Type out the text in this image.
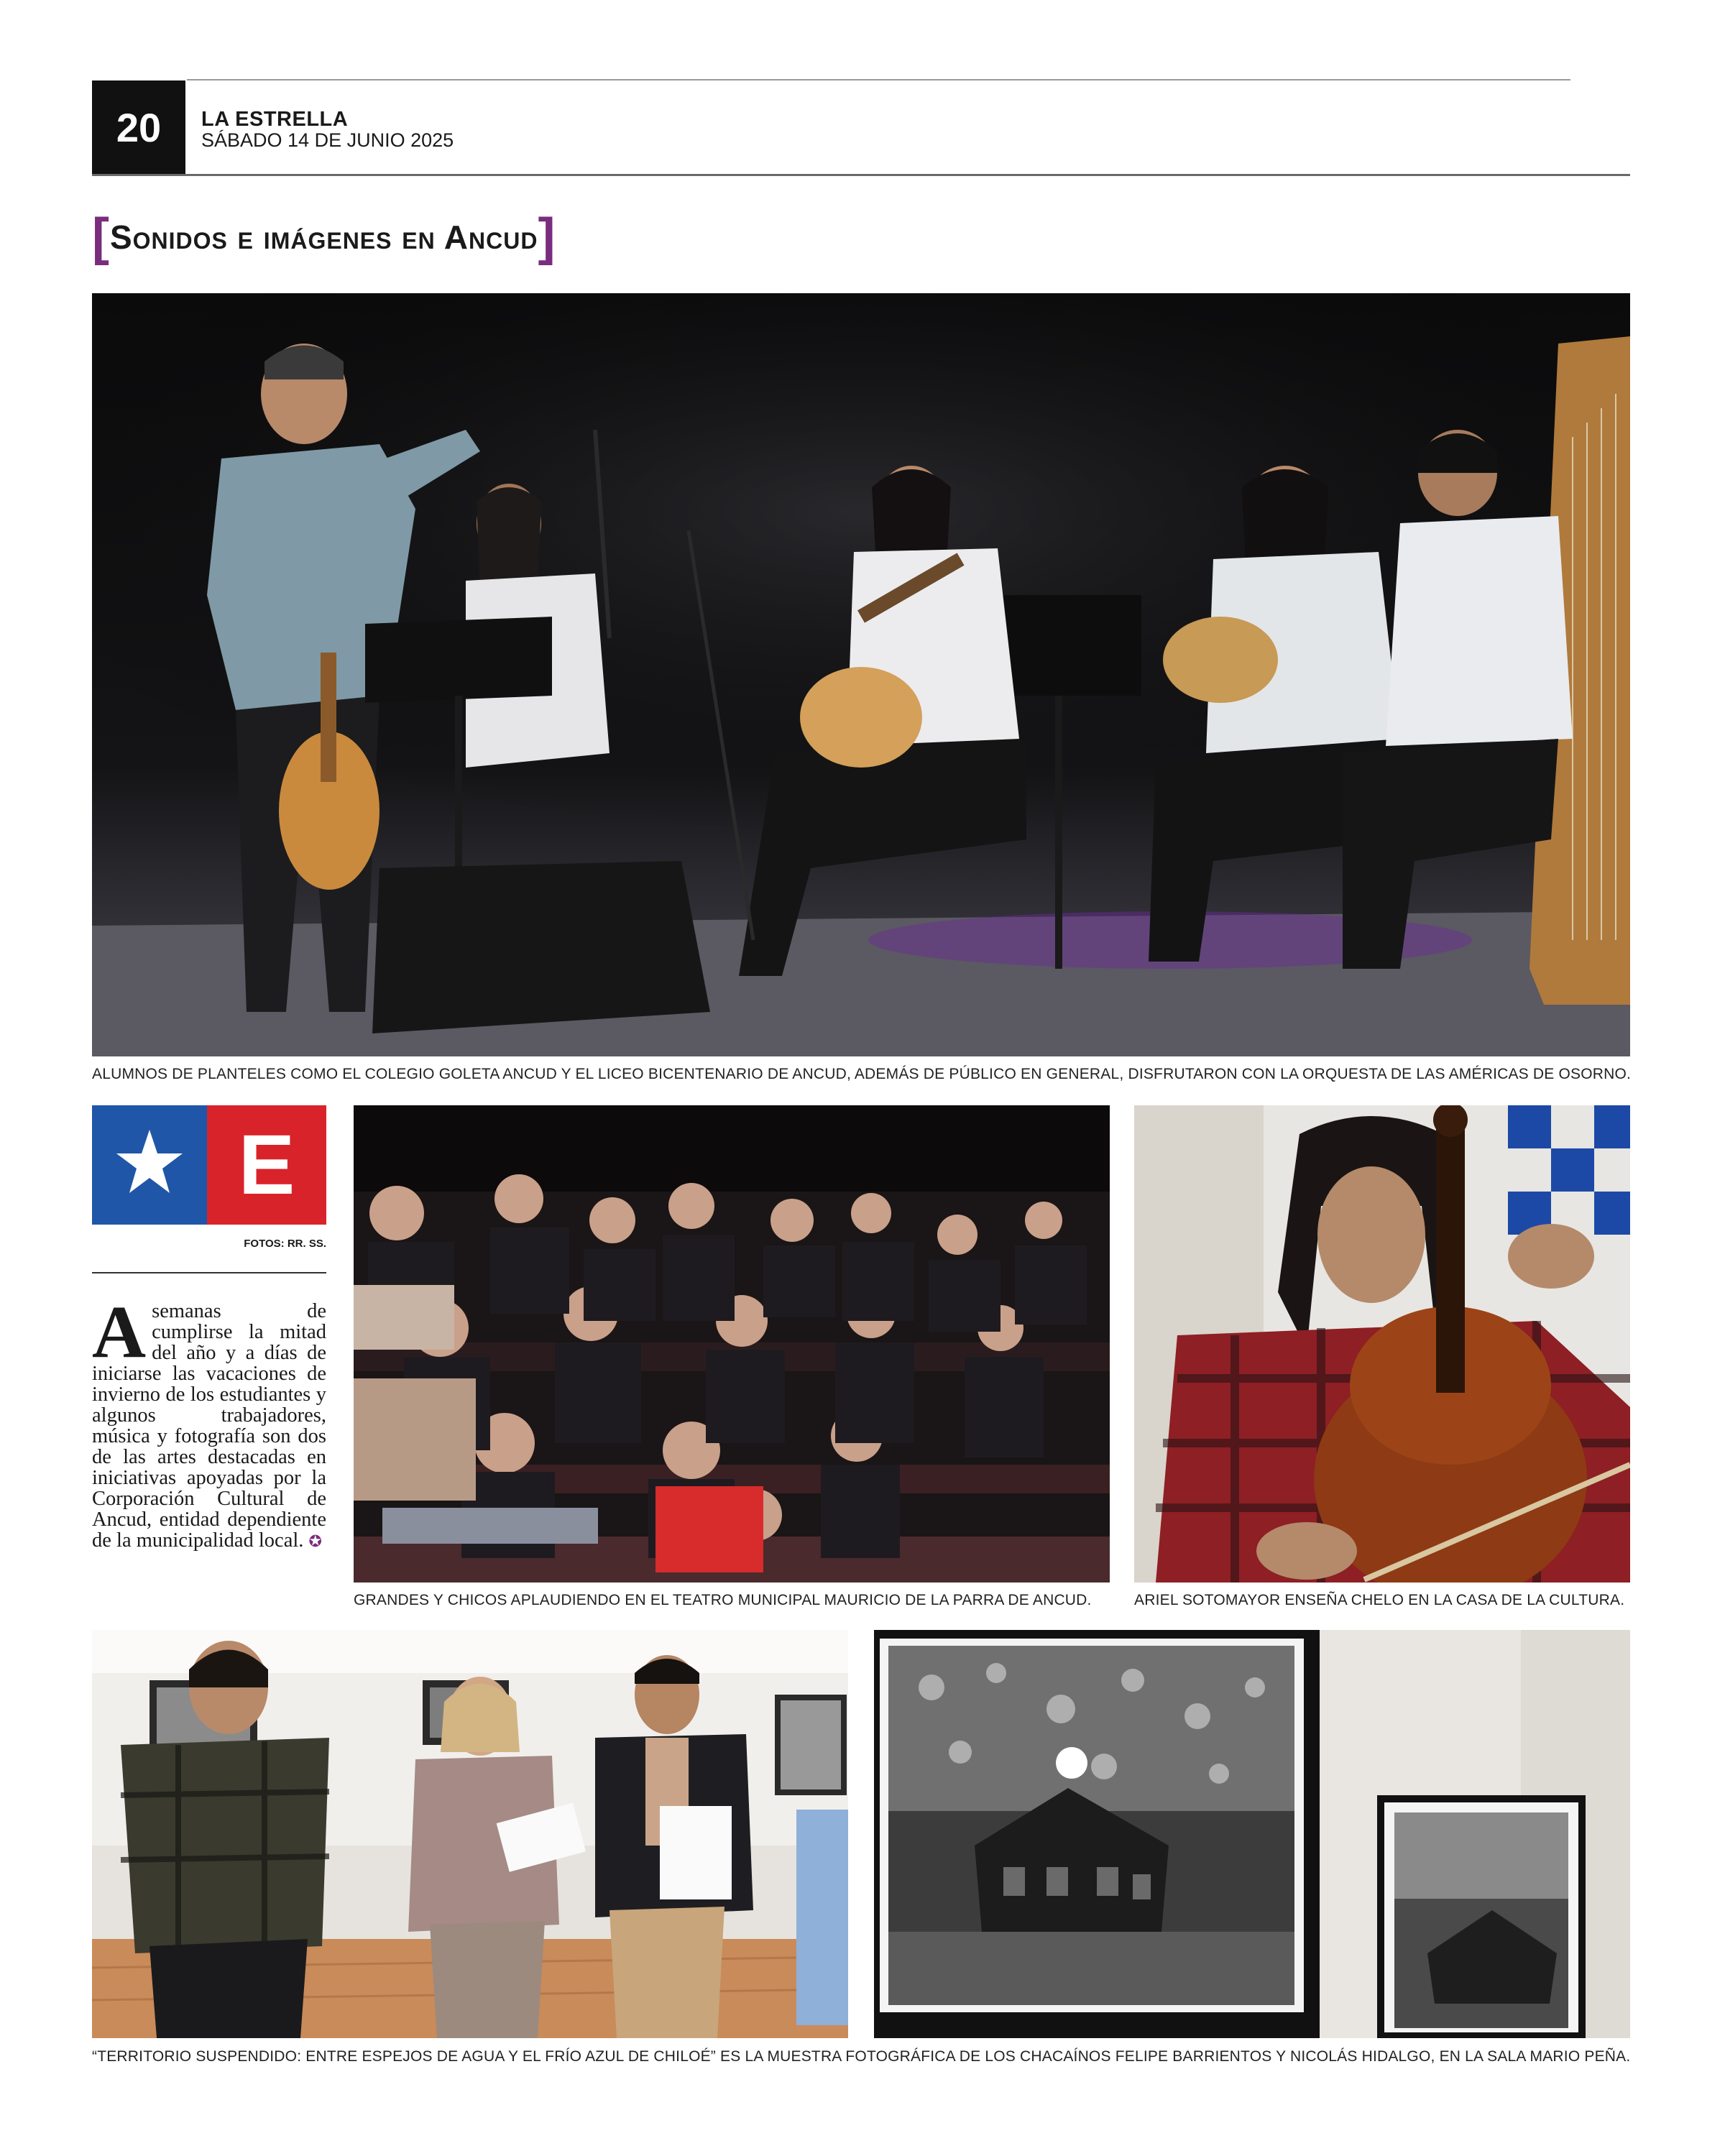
20	LA ESTRELLA
SÁBADO 14 DE JUNIO 2025
[ Sonidos e imágenes en Ancud ]
ALUMNOS DE PLANTELES COMO EL COLEGIO GOLETA ANCUD Y EL LICEO BICENTENARIO DE ANCUD, ADEMÁS DE PÚBLICO EN GENERAL, DISFRUTARON CON LA ORQUESTA DE LAS AMÉRICAS DE OSORNO.
E
FOTOS: RR. SS.
A semanas de cumplirse la mitad del año y a días de iniciarse las vacaciones de invierno de los estudiantes y algunos trabajadores, música y fotografía son dos de las artes destacadas en iniciativas apoyadas por la Corporación Cultural de Ancud, entidad dependiente de la municipalidad local. ✪
GRANDES Y CHICOS APLAUDIENDO EN EL TEATRO MUNICIPAL MAURICIO DE LA PARRA DE ANCUD.	ARIEL SOTOMAYOR ENSEÑA CHELO EN LA CASA DE LA CULTURA.
“TERRITORIO SUSPENDIDO: ENTRE ESPEJOS DE AGUA Y EL FRÍO AZUL DE CHILOÉ” ES LA MUESTRA FOTOGRÁFICA DE LOS CHACAÍNOS FELIPE BARRIENTOS Y NICOLÁS HIDALGO, EN LA SALA MARIO PEÑA.
